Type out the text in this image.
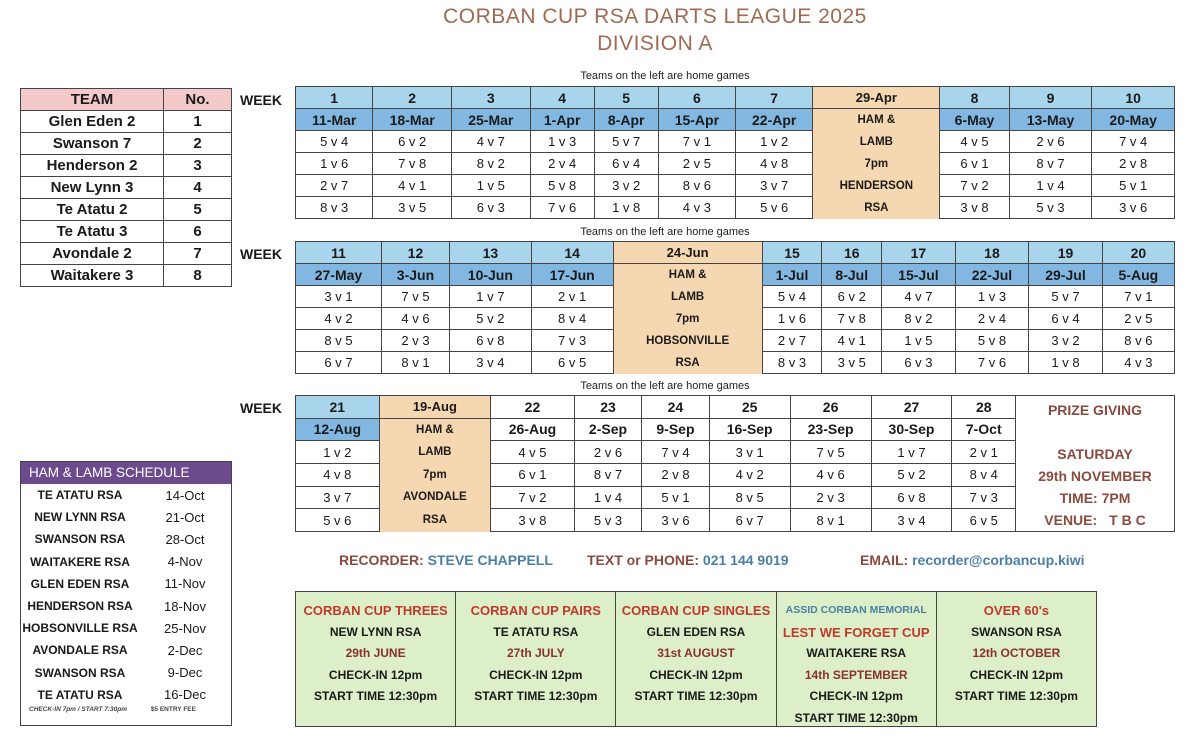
CORBAN CUP RSA DARTS LEAGUE 2025
DIVISION A
Teams on the left are home games
Teams on the left are home games
Teams on the left are home games
WEEK
WEEK
WEEK
TEAM	No.
Glen Eden 2	1
Swanson 7	2
Henderson 2	3
New Lynn 3	4
Te Atatu 2	5
Te Atatu 3	6
Avondale 2	7
Waitakere 3	8
1	2	3	4	5	6	7	29-Apr	8	9	10
11-Mar	18-Mar	25-Mar	1-Apr	8-Apr	15-Apr	22-Apr	HAM &	6-May	13-May	20-May
5 v 4	6 v 2	4 v 7	1 v 3	5 v 7	7 v 1	1 v 2	LAMB	4 v 5	2 v 6	7 v 4
1 v 6	7 v 8	8 v 2	2 v 4	6 v 4	2 v 5	4 v 8	7pm	6 v 1	8 v 7	2 v 8
2 v 7	4 v 1	1 v 5	5 v 8	3 v 2	8 v 6	3 v 7	HENDERSON	7 v 2	1 v 4	5 v 1
8 v 3	3 v 5	6 v 3	7 v 6	1 v 8	4 v 3	5 v 6	RSA	3 v 8	5 v 3	3 v 6
11	12	13	14	24-Jun	15	16	17	18	19	20
27-May	3-Jun	10-Jun	17-Jun	HAM &	1-Jul	8-Jul	15-Jul	22-Jul	29-Jul	5-Aug
3 v 1	7 v 5	1 v 7	2 v 1	LAMB	5 v 4	6 v 2	4 v 7	1 v 3	5 v 7	7 v 1
4 v 2	4 v 6	5 v 2	8 v 4	7pm	1 v 6	7 v 8	8 v 2	2 v 4	6 v 4	2 v 5
8 v 5	2 v 3	6 v 8	7 v 3	HOBSONVILLE	2 v 7	4 v 1	1 v 5	5 v 8	3 v 2	8 v 6
6 v 7	8 v 1	3 v 4	6 v 5	RSA	8 v 3	3 v 5	6 v 3	7 v 6	1 v 8	4 v 3
21	19-Aug	22	23	24	25	26	27	28	PRIZE GIVING

SATURDAY
29th NOVEMBER
TIME: 7PM
VENUE: T B C

12-Aug	HAM &	26-Aug	2-Sep	9-Sep	16-Sep	23-Sep	30-Sep	7-Oct	
1 v 2	LAMB	4 v 5	2 v 6	7 v 4	3 v 1	7 v 5	1 v 7	2 v 1	
4 v 8	7pm	6 v 1	8 v 7	2 v 8	4 v 2	4 v 6	5 v 2	8 v 4	
3 v 7	AVONDALE	7 v 2	1 v 4	5 v 1	8 v 5	2 v 3	6 v 8	7 v 3	
5 v 6	RSA	3 v 8	5 v 3	3 v 6	6 v 7	8 v 1	3 v 4	6 v 5	
HAM & LAMB SCHEDULE
TE ATATU RSA	14-Oct
NEW LYNN RSA	21-Oct
SWANSON RSA	28-Oct
WAITAKERE RSA	4-Nov
GLEN EDEN RSA	11-Nov
HENDERSON RSA	18-Nov
HOBSONVILLE RSA	25-Nov
AVONDALE RSA	2-Dec
SWANSON RSA	9-Dec
TE ATATU RSA	16-Dec
CHECK-IN 7pm / START 7:30pm	$5 ENTRY FEE
RECORDER: STEVE CHAPPELL TEXT or PHONE: 021 144 9019	EMAIL: recorder@corbancup.kiwi
CORBAN CUP THREES
NEW LYNN RSA
29th JUNE
CHECK-IN 12pm
START TIME 12:30pm
CORBAN CUP PAIRS
TE ATATU RSA
27th JULY
CHECK-IN 12pm
START TIME 12:30pm
CORBAN CUP SINGLES
GLEN EDEN RSA
31st AUGUST
CHECK-IN 12pm
START TIME 12:30pm
ASSID CORBAN MEMORIAL
LEST WE FORGET CUP
WAITAKERE RSA
14th SEPTEMBER
CHECK-IN 12pm
START TIME 12:30pm
OVER 60's
SWANSON RSA
12th OCTOBER
CHECK-IN 12pm
START TIME 12:30pm
